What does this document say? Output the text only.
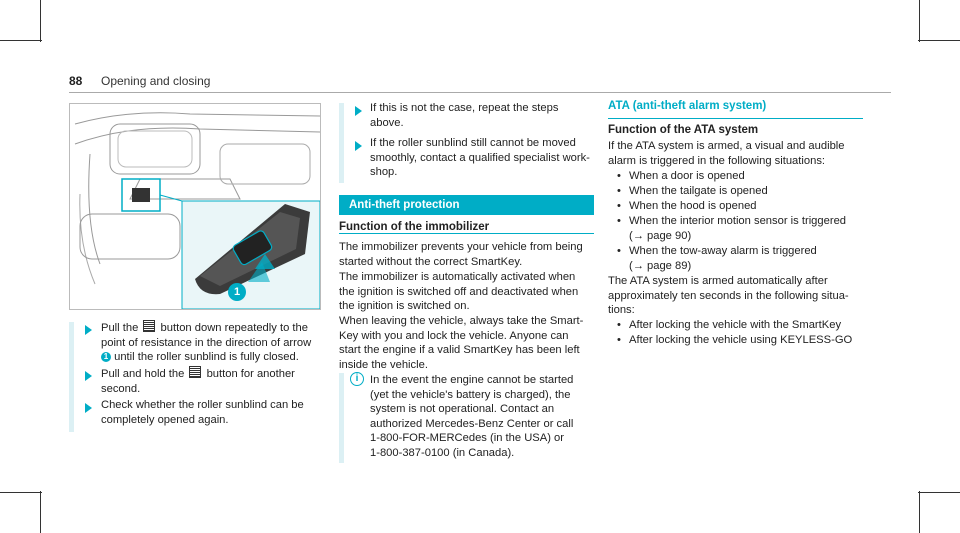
88 Opening and closing
1
Pull the button down repeatedly to the
point of resistance in the direction of arrow
1 until the roller sunblind is fully closed.
Pull and hold the button for another
second.
Check whether the roller sunblind can be
completely opened again.
If this is not the case, repeat the steps
above.
If the roller sunblind still cannot be moved
smoothly, contact a qualified specialist work-
shop.
Anti-theft protection
Function of the immobilizer
The immobilizer prevents your vehicle from being
started without the correct SmartKey.
The immobilizer is automatically activated when
the ignition is switched off and deactivated when
the ignition is switched on.
When leaving the vehicle, always take the Smart-
Key with you and lock the vehicle. Anyone can
start the engine if a valid SmartKey has been left
inside the vehicle.
i	In the event the engine cannot be started
(yet the vehicle's battery is charged), the
system is not operational. Contact an
authorized Mercedes-Benz Center or call
1-800-FOR-MERCedes (in the USA) or
1-800-387-0100 (in Canada).
ATA (anti-theft alarm system)
Function of the ATA system
If the ATA system is armed, a visual and audible
alarm is triggered in the following situations:
• When a door is opened
• When the tailgate is opened
• When the hood is opened
• When the interior motion sensor is triggered
(→ page 90)
• When the tow-away alarm is triggered
(→ page 89)
The ATA system is armed automatically after
approximately ten seconds in the following situa-
tions:
• After locking the vehicle with the SmartKey
• After locking the vehicle using KEYLESS-GO
